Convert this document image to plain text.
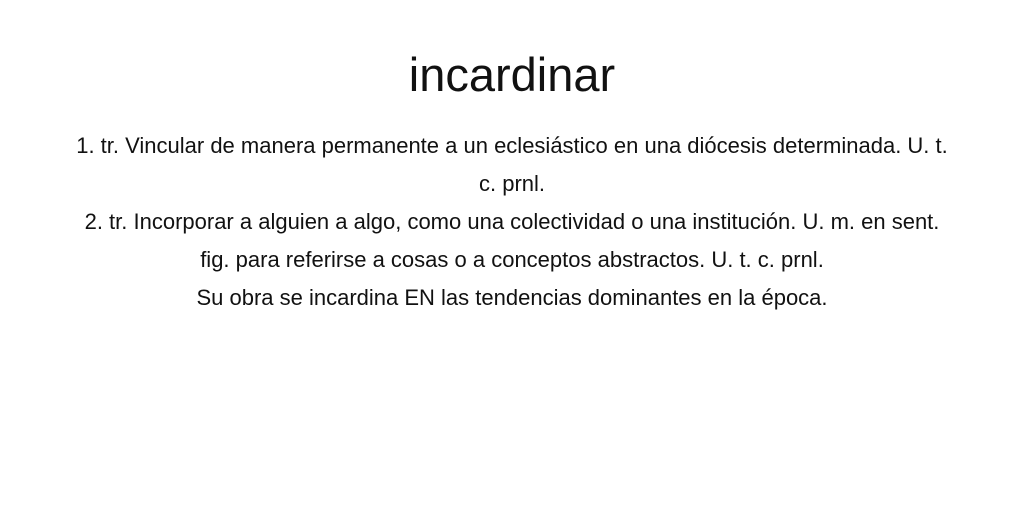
incardinar

1. tr. Vincular de manera permanente a un eclesiástico en una diócesis determinada. U. t. c. prnl.

2. tr. Incorporar a alguien a algo, como una colectividad o una institución. U. m. en sent. fig. para referirse a cosas o a conceptos abstractos. U. t. c. prnl.

Su obra se incardina EN las tendencias dominantes en la época.
